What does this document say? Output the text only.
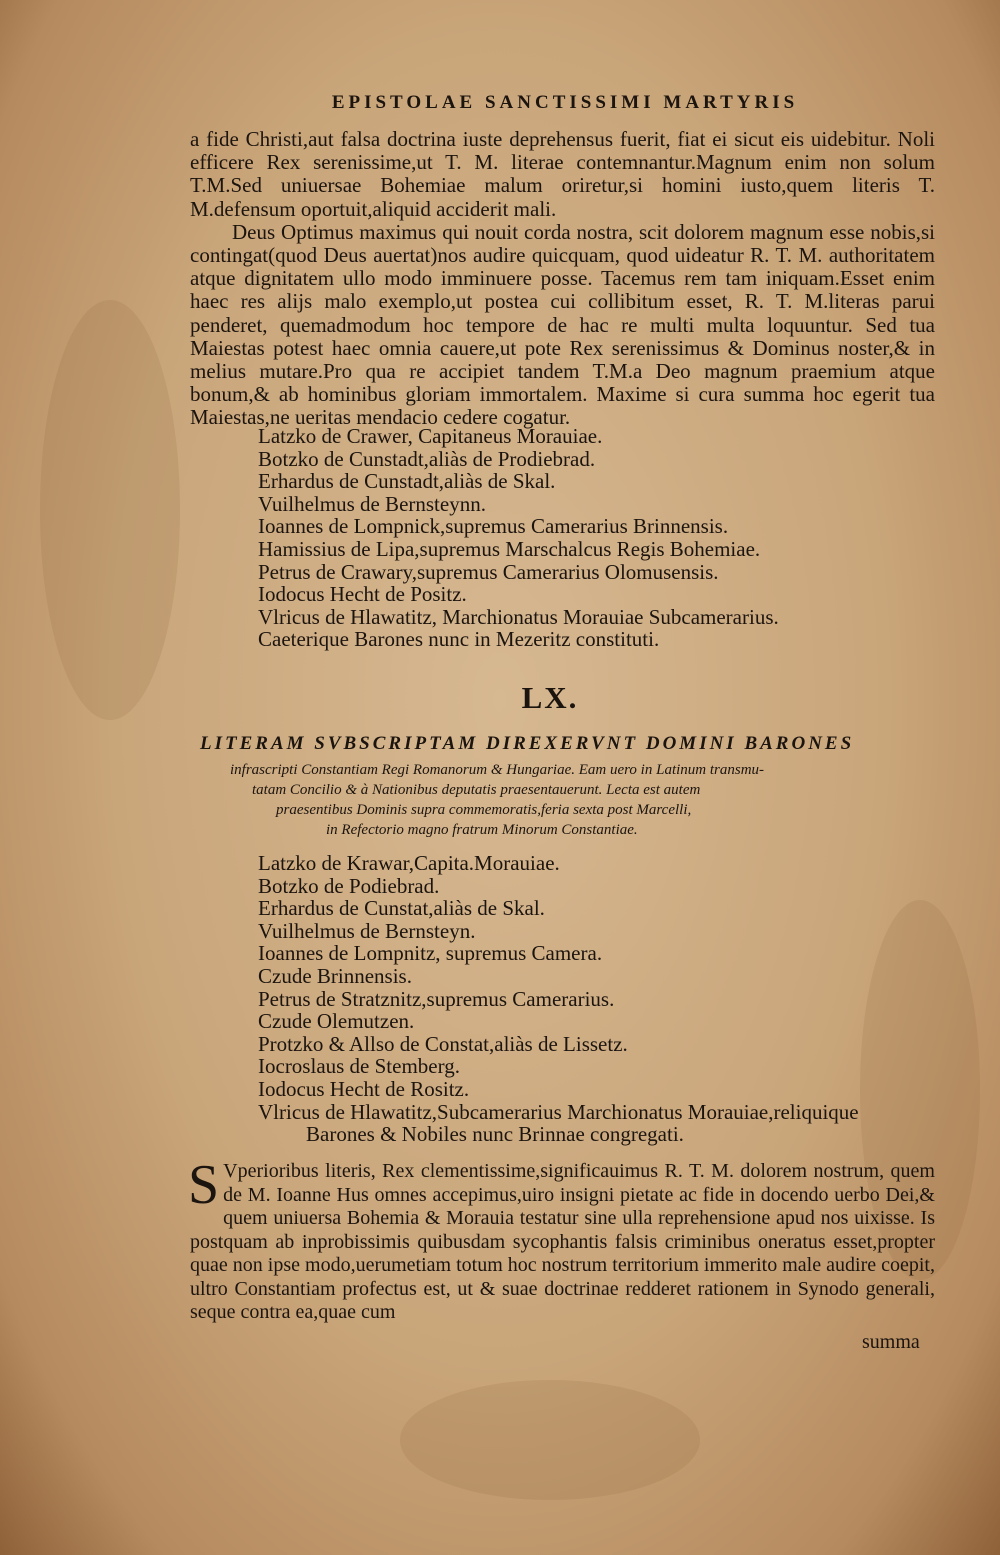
EPISTOLAE SANCTISSIMI MARTYRIS

a fide Christi,aut falsa doctrina iuste deprehensus fuerit, fiat ei sicut eis uidebitur. Noli efficere Rex serenissime,ut T. M. literae contemnantur.Magnum enim non solum T.M.Sed uniuersae Bohemiae malum oriretur,si homini iusto,quem literis T. M.defensum oportuit,aliquid acciderit mali.

Deus Optimus maximus qui nouit corda nostra, scit dolorem magnum esse nobis,si contingat(quod Deus auertat)nos audire quicquam, quod uideatur R. T. M. authoritatem atque dignitatem ullo modo imminuere posse. Tacemus rem tam iniquam.Esset enim haec res alijs malo exemplo,ut postea cui collibitum esset, R. T. M.literas parui penderet, quemadmodum hoc tempore de hac re multi multa loquuntur. Sed tua Maiestas potest haec omnia cauere,ut pote Rex serenissimus & Dominus noster,& in melius mutare.Pro qua re accipiet tandem T.M.a Deo magnum praemium atque bonum,& ab hominibus gloriam immortalem. Maxime si cura summa hoc egerit tua Maiestas,ne ueritas mendacio cedere cogatur.

Latzko de Crawer, Capitaneus Morauiae.
Botzko de Cunstadt,aliàs de Prodiebrad.
Erhardus de Cunstadt,aliàs de Skal.
Vuilhelmus de Bernsteynn.
Ioannes de Lompnick,supremus Camerarius Brinnensis.
Hamissius de Lipa,supremus Marschalcus Regis Bohemiae.
Petrus de Crawary,supremus Camerarius Olomusensis.
Iodocus Hecht de Positz.
Vlricus de Hlawatitz, Marchionatus Morauiae Subcamerarius.
Caeterique Barones nunc in Mezeritz constituti.
LX.
LITERAM SVBSCRIPTAM DIREXERVNT DOMINI BARONES
infrascripti Constantiam Regi Romanorum & Hungariae. Eam uero in Latinum transmu-
tatam Concilio & à Nationibus deputatis praesentauerunt. Lecta est autem
praesentibus Dominis supra commemoratis,feria sexta post Marcelli,
in Refectorio magno fratrum Minorum Constantiae.
Latzko de Krawar,Capita.Morauiae.
Botzko de Podiebrad.
Erhardus de Cunstat,aliàs de Skal.
Vuilhelmus de Bernsteyn.
Ioannes de Lompnitz, supremus Camera.
Czude Brinnensis.
Petrus de Stratznitz,supremus Camerarius.
Czude Olemutzen.
Protzko & Allso de Constat,aliàs de Lissetz.
Iocroslaus de Stemberg.
Iodocus Hecht de Rositz.
Vlricus de Hlawatitz,Subcamerarius Marchionatus Morauiae,reliquique
Barones & Nobiles nunc Brinnae congregati.

S Vperioribus literis, Rex clementissime,significauimus R. T. M. dolorem nostrum, quem de M. Ioanne Hus omnes accepimus,uiro insigni pietate ac fide in docendo uerbo Dei,& quem uniuersa Bohemia & Morauia testatur sine ulla reprehensione apud nos uixisse. Is postquam ab inprobissimis quibusdam sycophantis falsis criminibus oneratus esset,propter quae non ipse modo,uerumetiam totum hoc nostrum territorium immerito male audire coepit, ultro Constantiam profectus est, ut & suae doctrinae redderet rationem in Synodo generali, seque contra ea,quae cum

summa
